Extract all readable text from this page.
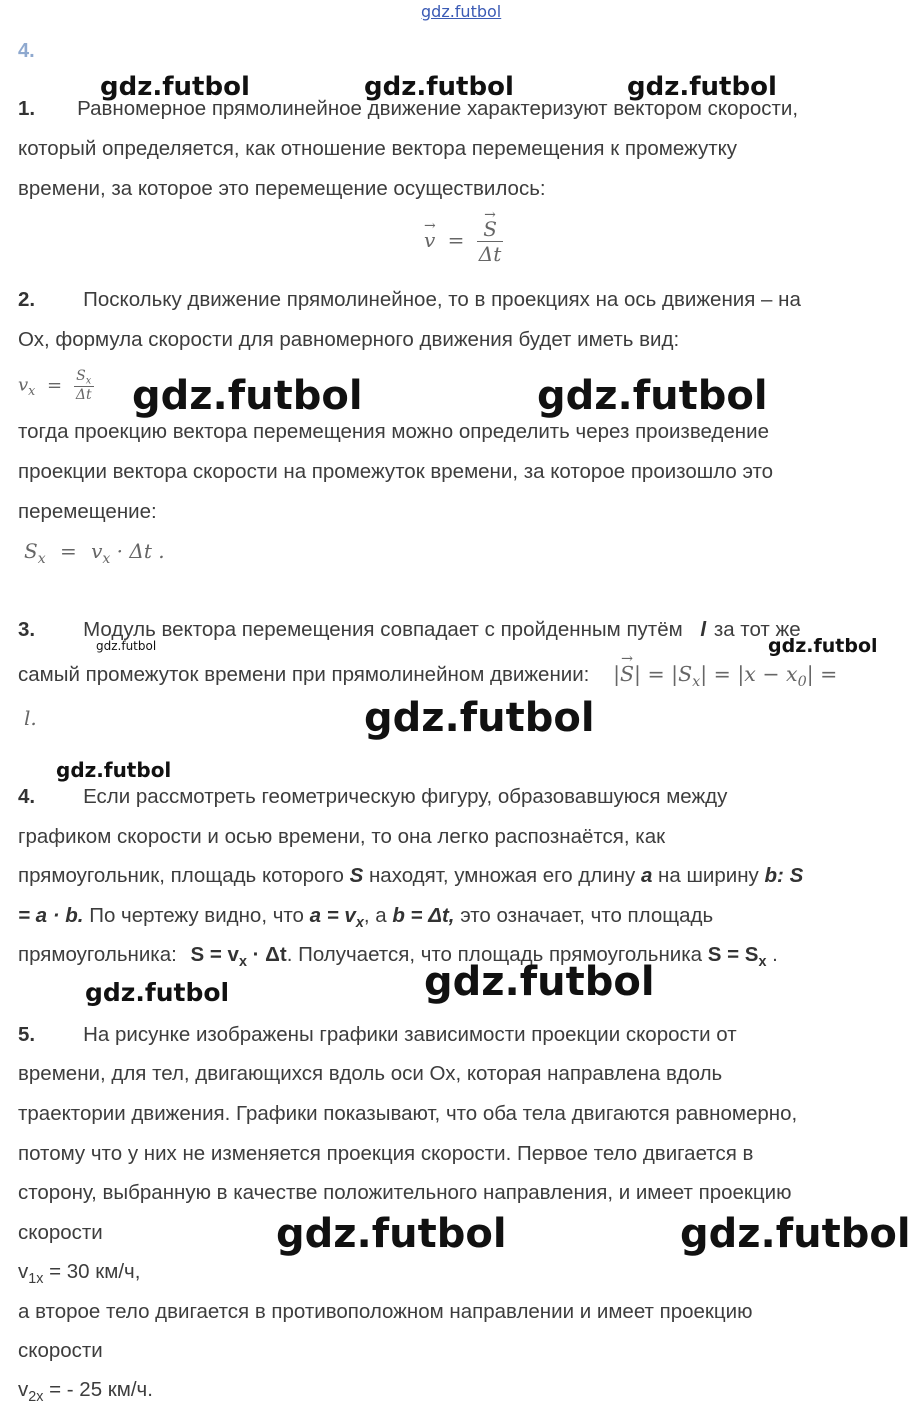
gdz.futbol
4.
1. Равномерное прямолинейное движение характеризуют вектором скорости,
который определяется, как отношение вектора перемещения к промежутку
времени, за которое это перемещение осуществилось:
→ v =
→ $\frac{S}{\Delta t}$
2. Поскольку движение прямолинейное, то в проекциях на ось движения – на
Ох, формула скорости для равномерного движения будет иметь вид:
$v_x = \frac{S_x}{\Delta t}$
тогда проекцию вектора перемещения можно определить через произведение
проекции вектора скорости на промежуток времени, за которое произошло это
перемещение:
$S_x = v_x \cdot \Delta t$ .
3. Модуль вектора перемещения совпадает с пройденным путём l за тот же
самый промежуток времени при прямолинейном движении: |→ $S| = |S_x| = |x - x_0|$ =
l.
4. Если рассмотреть геометрическую фигуру, образовавшуюся между
графиком скорости и осью времени, то она легко распознаётся, как
прямоугольник, площадь которого S находят, умножая его длину a на ширину b: S
= a · b. По чертежу видно, что $a = v_x$, а b = Δt, это означает, что площадь
прямоугольника: $S = v_x \cdot \Delta t$. Получается, что площадь прямоугольника $S = S_x$ .
5. На рисунке изображены графики зависимости проекции скорости от
времени, для тел, двигающихся вдоль оси Ох, которая направлена вдоль
траектории движения. Графики показывают, что оба тела двигаются равномерно,
потому что у них не изменяется проекция скорости. Первое тело двигается в
сторону, выбранную в качестве положительного направления, и имеет проекцию
скорости
$v_{1x} = 30$ км/ч,
а второе тело двигается в противоположном направлении и имеет проекцию
скорости
$v_{2x}$ = - 25 км/ч.
gdz.futbol	gdz.futbol	gdz.futbol
gdz.futbol	gdz.futbol
gdz.futbol	gdz.futbol
gdz.futbol
gdz.futbol
gdz.futbol	gdz.futbol
gdz.futbol	gdz.futbol
